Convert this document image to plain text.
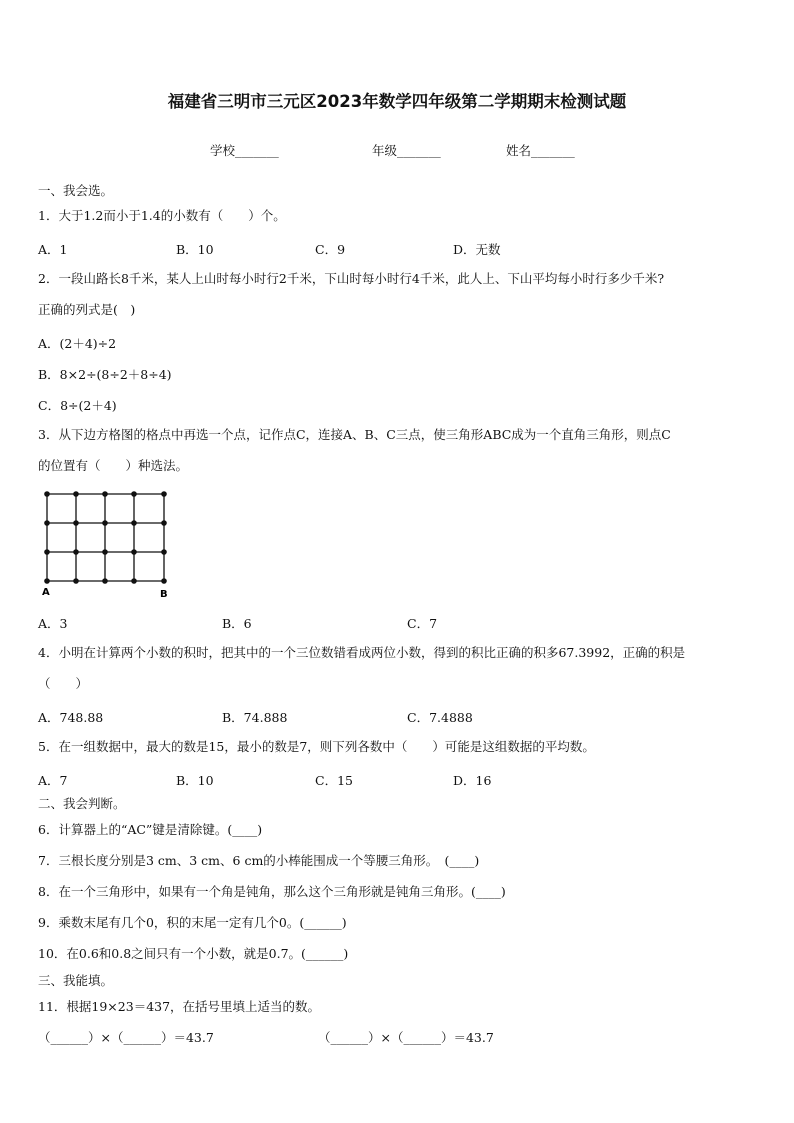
福建省三明市三元区2023年数学四年级第二学期期末检测试题
学校_______	年级_______	姓名_______
一、我会选。
1．大于1.2而小于1.4的小数有（　　）个。
A．1	B．10	C．9	D．无数
2．一段山路长8千米，某人上山时每小时行2千米，下山时每小时行4千米，此人上、下山平均每小时行多少千米?
正确的列式是(　)
A．(2＋4)÷2
B．8×2÷(8÷2＋8÷4)
C．8÷(2＋4)
3．从下边方格图的格点中再选一个点，记作点C，连接A、B、C三点，使三角形ABC成为一个直角三角形，则点C
的位置有（　　）种选法。
A	B
A．3	B．6	C．7
4．小明在计算两个小数的积时，把其中的一个三位数错看成两位小数，得到的积比正确的积多67.3992，正确的积是
（　　）
A．748.88	B．74.888	C．7.4888
5．在一组数据中，最大的数是15，最小的数是7，则下列各数中（　　）可能是这组数据的平均数。
A．7	B．10	C．15	D．16
二、我会判断。
6．计算器上的“AC”键是清除键。(____)
7．三根长度分别是3 cm、3 cm、6 cm的小棒能围成一个等腰三角形。　(____)
8．在一个三角形中，如果有一个角是钝角，那么这个三角形就是钝角三角形。(____)
9．乘数末尾有几个0，积的末尾一定有几个0。(______)
10．在0.6和0.8之间只有一个小数，就是0.7。(______)
三、我能填。
11．根据19×23＝437，在括号里填上适当的数。
（______）×（______）＝43.7	（______）×（______）＝43.7
